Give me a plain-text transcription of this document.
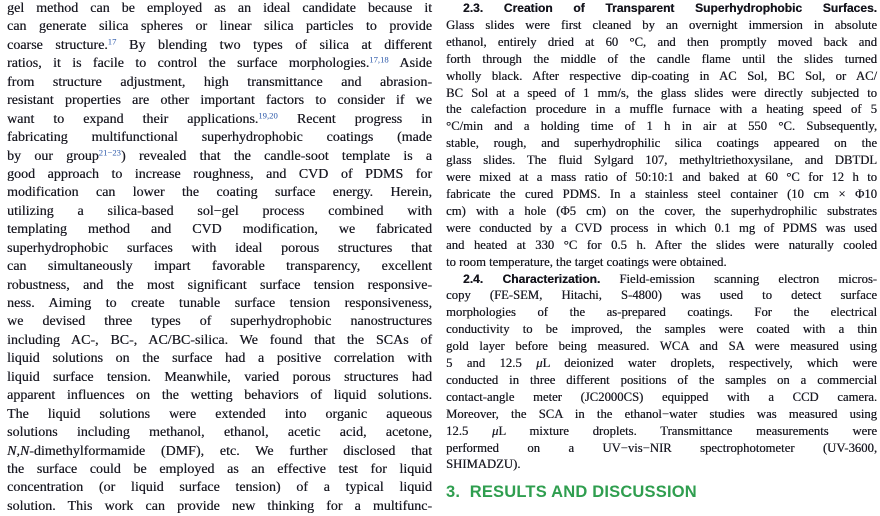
gel method can be employed as an ideal candidate because it
can generate silica spheres or linear silica particles to provide
coarse structure.$^{17}$ By blending two types of silica at different
ratios, it is facile to control the surface morphologies.$^{17,18}$ Aside
from structure adjustment, high transmittance and abrasion-
resistant properties are other important factors to consider if we
want to expand their applications.$^{19,20}$ Recent progress in
fabricating multifunctional superhydrophobic coatings (made
by our group$^{21-23}$) revealed that the candle-soot template is a
good approach to increase roughness, and CVD of PDMS for
modification can lower the coating surface energy. Herein,
utilizing a silica-based sol−gel process combined with
templating method and CVD modification, we fabricated
superhydrophobic surfaces with ideal porous structures that
can simultaneously impart favorable transparency, excellent
robustness, and the most significant surface tension responsive-
ness. Aiming to create tunable surface tension responsiveness,
we devised three types of superhydrophobic nanostructures
including AC-, BC-, AC/BC-silica. We found that the SCAs of
liquid solutions on the surface had a positive correlation with
liquid surface tension. Meanwhile, varied porous structures had
apparent influences on the wetting behaviors of liquid solutions.
The liquid solutions were extended into organic aqueous
solutions including methanol, ethanol, acetic acid, acetone,
N,N-dimethylformamide (DMF), etc. We further disclosed that
the surface could be employed as an effective test for liquid
concentration (or liquid surface tension) of a typical liquid
solution. This work can provide new thinking for a multifunc-
2.3. Creation of Transparent Superhydrophobic Surfaces.
Glass slides were first cleaned by an overnight immersion in absolute
ethanol, entirely dried at 60 °C, and then promptly moved back and
forth through the middle of the candle flame until the slides turned
wholly black. After respective dip-coating in AC Sol, BC Sol, or AC/
BC Sol at a speed of 1 mm/s, the glass slides were directly subjected to
the calefaction procedure in a muffle furnace with a heating speed of 5
°C/min and a holding time of 1 h in air at 550 °C. Subsequently,
stable, rough, and superhydrophilic silica coatings appeared on the
glass slides. The fluid Sylgard 107, methyltriethoxysilane, and DBTDL
were mixed at a mass ratio of 50:10:1 and baked at 60 °C for 12 h to
fabricate the cured PDMS. In a stainless steel container (10 cm × Φ10
cm) with a hole (Φ5 cm) on the cover, the superhydrophilic substrates
were conducted by a CVD process in which 0.1 mg of PDMS was used
and heated at 330 °C for 0.5 h. After the slides were naturally cooled
to room temperature, the target coatings were obtained.
2.4. Characterization. Field-emission scanning electron micros-
copy (FE-SEM, Hitachi, S-4800) was used to detect surface
morphologies of the as-prepared coatings. For the electrical
conductivity to be improved, the samples were coated with a thin
gold layer before being measured. WCA and SA were measured using
5 and 12.5 μL deionized water droplets, respectively, which were
conducted in three different positions of the samples on a commercial
contact-angle meter (JC2000CS) equipped with a CCD camera.
Moreover, the SCA in the ethanol−water studies was measured using
12.5 μL mixture droplets. Transmittance measurements were
performed on a UV−vis−NIR spectrophotometer (UV-3600,
SHIMADZU).
3.  RESULTS AND DISCUSSION
